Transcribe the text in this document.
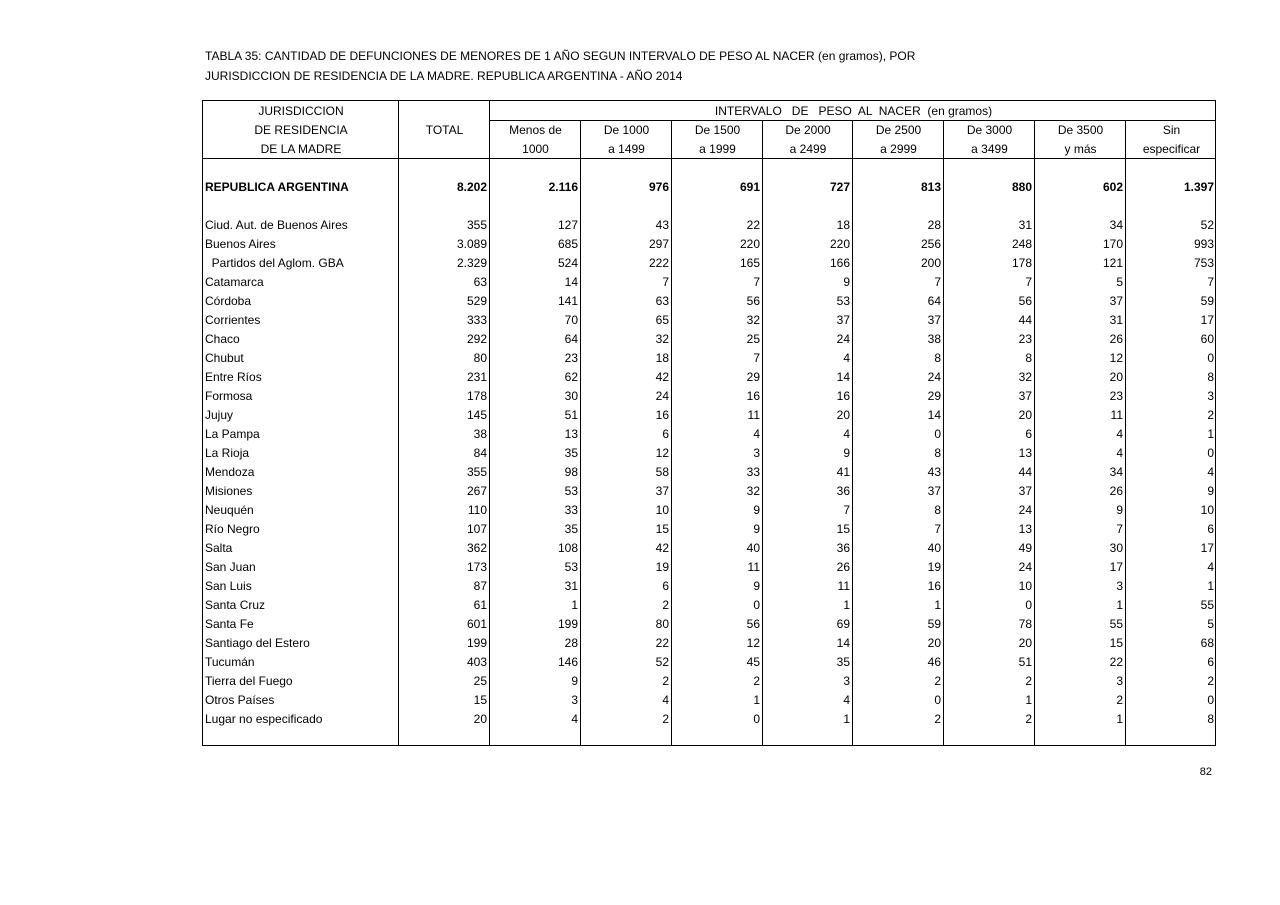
TABLA 35: CANTIDAD DE DEFUNCIONES DE MENORES DE 1 AÑO SEGUN INTERVALO DE PESO AL NACER (en gramos), POR
JURISDICCION DE RESIDENCIA DE LA MADRE. REPUBLICA ARGENTINA - AÑO 2014
JURISDICCION
DE RESIDENCIA
DE LA MADRE
TOTAL
INTERVALO   DE   PESO  AL  NACER  (en gramos)
Menos de
1000
De 1000
a 1499
De 1500
a 1999
De 2000
a 2499
De 2500
a 2999
De 3000
a 3499
De 3500
y más
Sin
especificar
REPUBLICA ARGENTINA	8.202	2.116	976	691	727	813	880	602	1.397
Ciud. Aut. de Buenos Aires	355	127	43	22	18	28	31	34	52
Buenos Aires	3.089	685	297	220	220	256	248	170	993
Partidos del Aglom. GBA	2.329	524	222	165	166	200	178	121	753
Catamarca	63	14	7	7	9	7	7	5	7
Córdoba	529	141	63	56	53	64	56	37	59
Corrientes	333	70	65	32	37	37	44	31	17
Chaco	292	64	32	25	24	38	23	26	60
Chubut	80	23	18	7	4	8	8	12	0
Entre Ríos	231	62	42	29	14	24	32	20	8
Formosa	178	30	24	16	16	29	37	23	3
Jujuy	145	51	16	11	20	14	20	11	2
La Pampa	38	13	6	4	4	0	6	4	1
La Rioja	84	35	12	3	9	8	13	4	0
Mendoza	355	98	58	33	41	43	44	34	4
Misiones	267	53	37	32	36	37	37	26	9
Neuquén	110	33	10	9	7	8	24	9	10
Río Negro	107	35	15	9	15	7	13	7	6
Salta	362	108	42	40	36	40	49	30	17
San Juan	173	53	19	11	26	19	24	17	4
San Luis	87	31	6	9	11	16	10	3	1
Santa Cruz	61	1	2	0	1	1	0	1	55
Santa Fe	601	199	80	56	69	59	78	55	5
Santiago del Estero	199	28	22	12	14	20	20	15	68
Tucumán	403	146	52	45	35	46	51	22	6
Tierra del Fuego	25	9	2	2	3	2	2	3	2
Otros Países	15	3	4	1	4	0	1	2	0
Lugar no especificado	20	4	2	0	1	2	2	1	8
82
